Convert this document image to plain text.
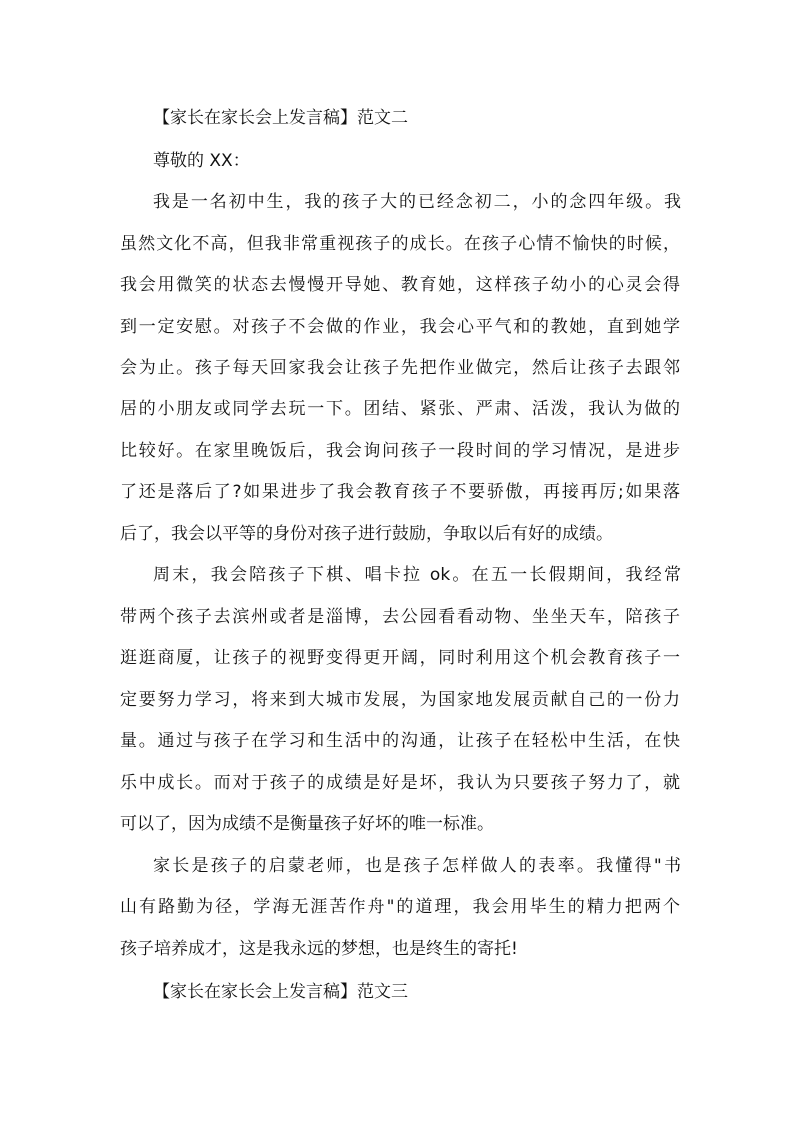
【家长在家长会上发言稿】范文二

尊敬的 XX：

我是一名初中生，我的孩子大的已经念初二，小的念四年级。我

虽然文化不高，但我非常重视孩子的成长。在孩子心情不愉快的时候，

我会用微笑的状态去慢慢开导她、教育她，这样孩子幼小的心灵会得

到一定安慰。对孩子不会做的作业，我会心平气和的教她，直到她学

会为止。孩子每天回家我会让孩子先把作业做完，然后让孩子去跟邻

居的小朋友或同学去玩一下。团结、紧张、严肃、活泼，我认为做的

比较好。在家里晚饭后，我会询问孩子一段时间的学习情况，是进步

了还是落后了?如果进步了我会教育孩子不要骄傲，再接再厉;如果落

后了，我会以平等的身份对孩子进行鼓励，争取以后有好的成绩。

周末，我会陪孩子下棋、唱卡拉 ok。在五一长假期间，我经常

带两个孩子去滨州或者是淄博，去公园看看动物、坐坐天车，陪孩子

逛逛商厦，让孩子的视野变得更开阔，同时利用这个机会教育孩子一

定要努力学习，将来到大城市发展，为国家地发展贡献自己的一份力

量。通过与孩子在学习和生活中的沟通，让孩子在轻松中生活，在快

乐中成长。而对于孩子的成绩是好是坏，我认为只要孩子努力了，就

可以了，因为成绩不是衡量孩子好坏的唯一标准。

家长是孩子的启蒙老师，也是孩子怎样做人的表率。我懂得"书

山有路勤为径，学海无涯苦作舟"的道理，我会用毕生的精力把两个

孩子培养成才，这是我永远的梦想，也是终生的寄托!

【家长在家长会上发言稿】范文三
